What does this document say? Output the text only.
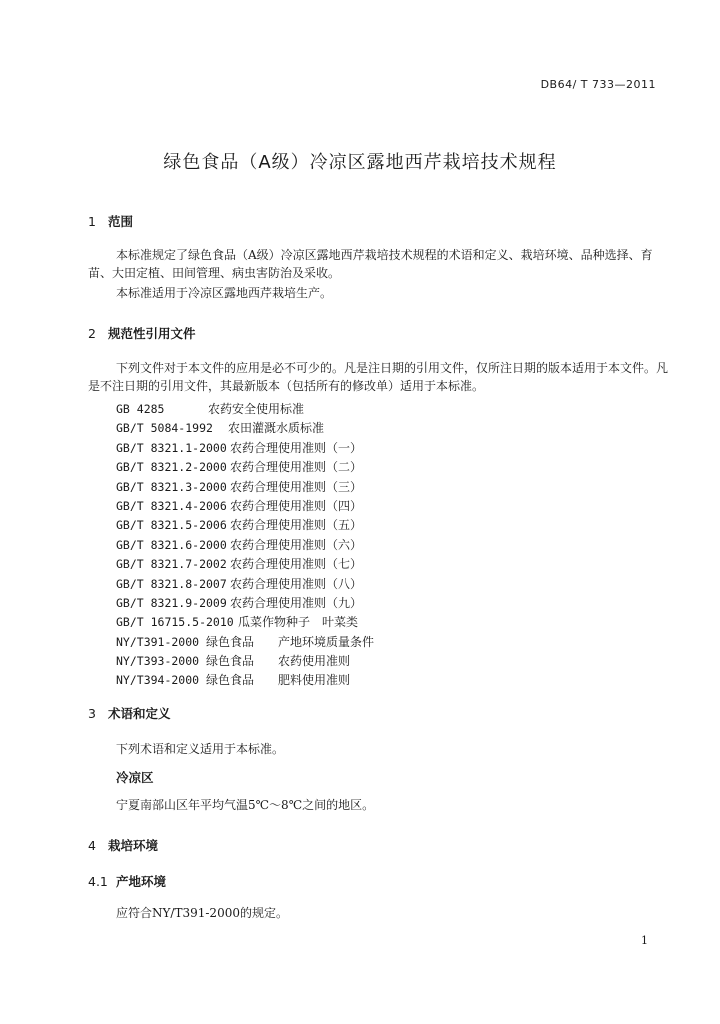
DB64/ T 733—2011
绿色食品（A级）冷凉区露地西芹栽培技术规程
1 范围
本标准规定了绿色食品（A级）冷凉区露地西芹栽培技术规程的术语和定义、栽培环境、品种选择、育苗、大田定植、田间管理、病虫害防治及采收。
本标准适用于冷凉区露地西芹栽培生产。
2 规范性引用文件
下列文件对于本文件的应用是必不可少的。凡是注日期的引用文件，仅所注日期的版本适用于本文件。凡是不注日期的引用文件，其最新版本（包括所有的修改单）适用于本标准。
GB 4285	农药安全使用标准
GB/T 5084-1992 农田灌溉水质标准
GB/T 8321.1-2000 农药合理使用准则（一）
GB/T 8321.2-2000 农药合理使用准则（二）
GB/T 8321.3-2000 农药合理使用准则（三）
GB/T 8321.4-2006 农药合理使用准则（四）
GB/T 8321.5-2006 农药合理使用准则（五）
GB/T 8321.6-2000 农药合理使用准则（六）
GB/T 8321.7-2002 农药合理使用准则（七）
GB/T 8321.8-2007 农药合理使用准则（八）
GB/T 8321.9-2009 农药合理使用准则（九）
GB/T 16715.5-2010 瓜菜作物种子　叶菜类
NY/T391-2000 绿色食品　　产地环境质量条件
NY/T393-2000 绿色食品　　农药使用准则
NY/T394-2000 绿色食品　　肥料使用准则
3 术语和定义
下列术语和定义适用于本标准。
冷凉区
宁夏南部山区年平均气温5℃～8℃之间的地区。
4 栽培环境
4.1 产地环境
应符合NY/T391-2000的规定。
1
